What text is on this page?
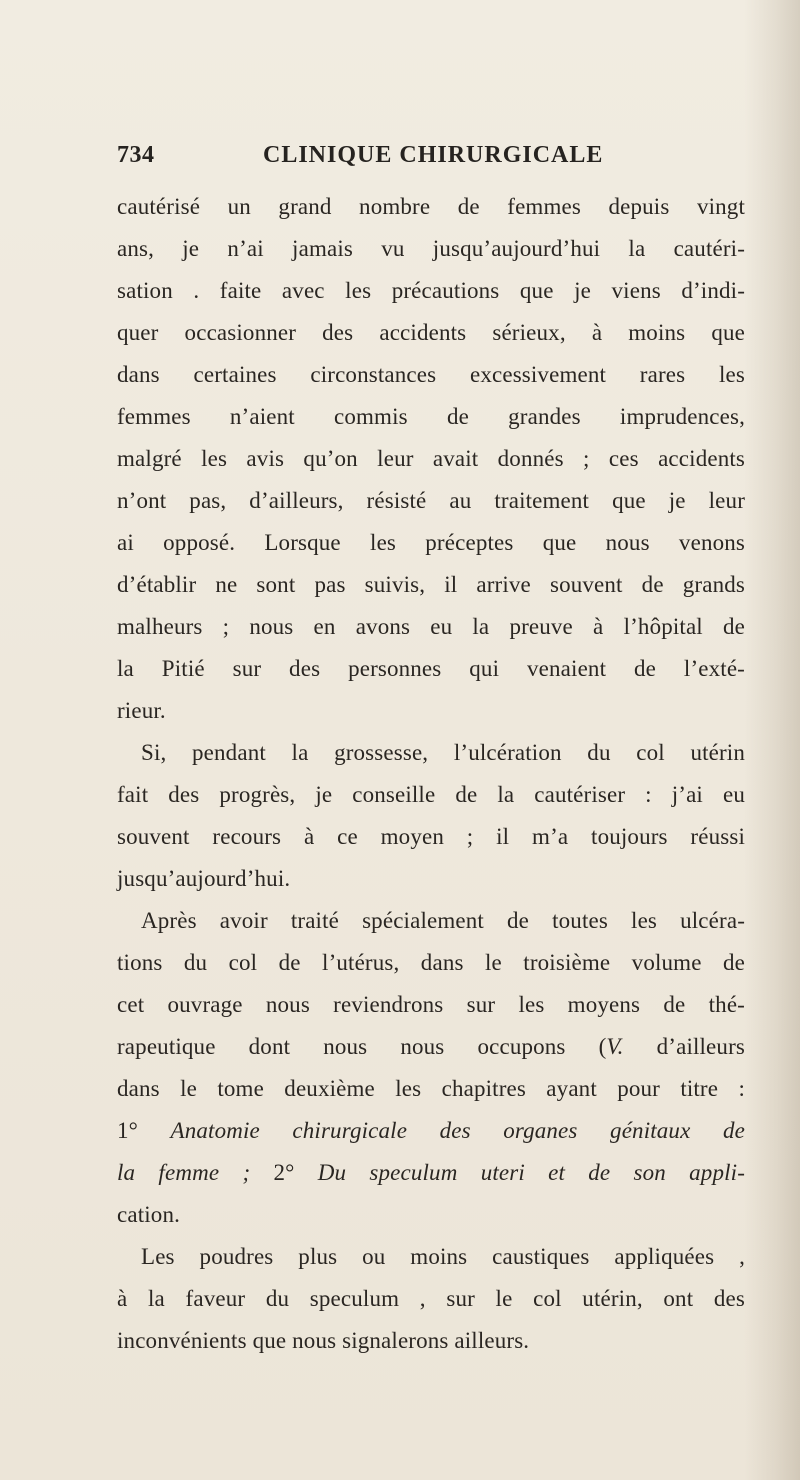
734	CLINIQUE CHIRURGICALE
cautérisé un grand nombre de femmes depuis vingt
ans, je n’ai jamais vu jusqu’aujourd’hui la cautéri-
sation . faite avec les précautions que je viens d’indi-
quer occasionner des accidents sérieux, à moins que
dans certaines circonstances excessivement rares les
femmes n’aient commis de grandes imprudences,
malgré les avis qu’on leur avait donnés ; ces accidents
n’ont pas, d’ailleurs, résisté au traitement que je leur
ai opposé. Lorsque les préceptes que nous venons
d’établir ne sont pas suivis, il arrive souvent de grands
malheurs ; nous en avons eu la preuve à l’hôpital de
la Pitié sur des personnes qui venaient de l’exté-
rieur.
Si, pendant la grossesse, l’ulcération du col utérin
fait des progrès, je conseille de la cautériser : j’ai eu
souvent recours à ce moyen ; il m’a toujours réussi
jusqu’aujourd’hui.
Après avoir traité spécialement de toutes les ulcéra-
tions du col de l’utérus, dans le troisième volume de
cet ouvrage nous reviendrons sur les moyens de thé-
rapeutique dont nous nous occupons (V. d’ailleurs
dans le tome deuxième les chapitres ayant pour titre :
1° Anatomie chirurgicale des organes génitaux de
la femme ; 2° Du speculum uteri et de son appli-
cation.
Les poudres plus ou moins caustiques appliquées ,
à la faveur du speculum , sur le col utérin, ont des
inconvénients que nous signalerons ailleurs.
